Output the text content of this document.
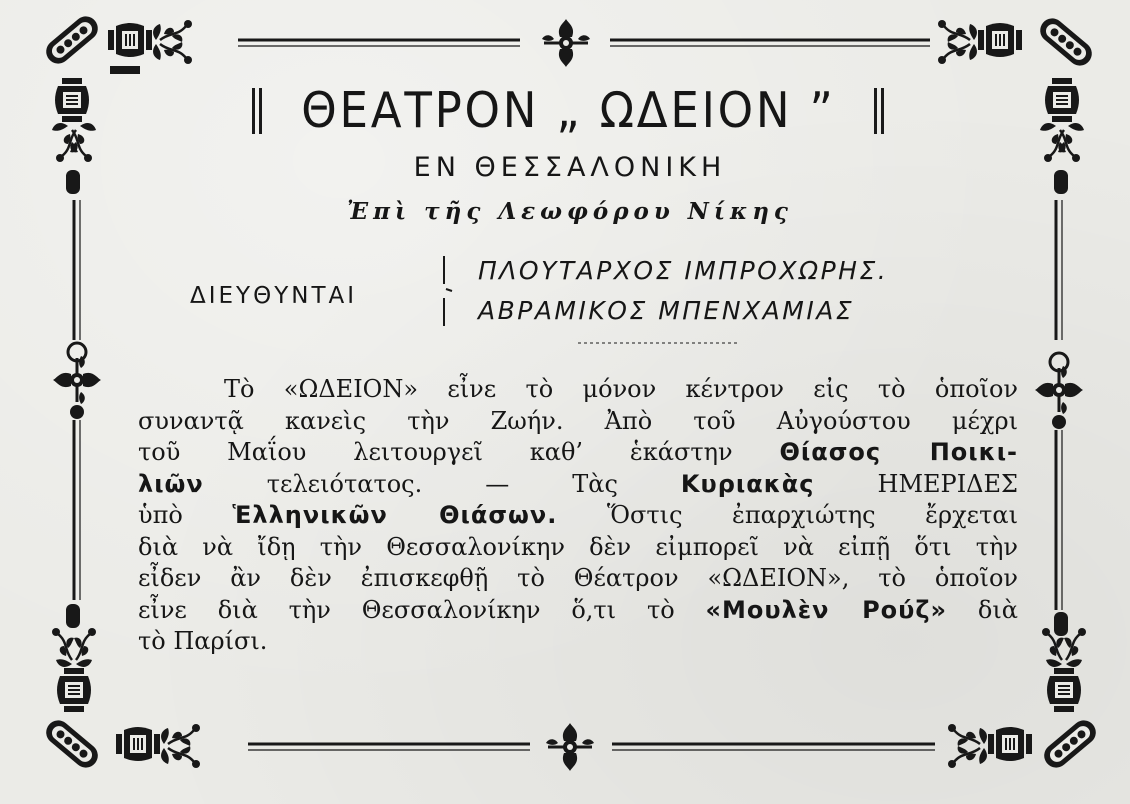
ΘΕΑΤΡΟΝ „ ΩΔΕΙΟΝ ”
ΕΝ ΘΕΣΣΑΛΟΝΙΚΗ
Ἐπὶ τῆς Λεωφόρου Νίκης
ΔΙΕΥΘΥΝΤΑΙ
ΠΛΟΥΤΑΡΧΟΣ ΙΜΠΡΟΧΩΡΗΣ.
ΑΒΡΑΜΙΚΟΣ ΜΠΕΝΧΑΜΙΑΣ
Τὸ «ΩΔΕΙΟΝ» εἶνε τὸ μόνον κέντρον εἰς τὸ ὁποῖον
συναντᾷ κανεὶς τὴν Ζωήν. Ἀπὸ τοῦ Αὐγούστου μέχρι
τοῦ Μαΐου λειτουργεῖ καθ’ ἑκάστην Θίασος Ποικι-
λιῶν τελειότατος. — Τὰς Κυριακὰς ΗΜΕΡΙΔΕΣ
ὑπὸ Ἑλληνικῶν Θιάσων. Ὅστις ἐπαρχιώτης ἔρχεται
διὰ νὰ ἴδῃ τὴν Θεσσαλονίκην δὲν εἰμπορεῖ νὰ εἰπῇ ὅτι τὴν
εἶδεν ἂν δὲν ἐπισκεφθῇ τὸ Θέατρον «ΩΔΕΙΟΝ», τὸ ὁποῖον
εἶνε διὰ τὴν Θεσσαλονίκην ὅ,τι τὸ «Μουλὲν Ρούζ» διὰ
τὸ Παρίσι.
